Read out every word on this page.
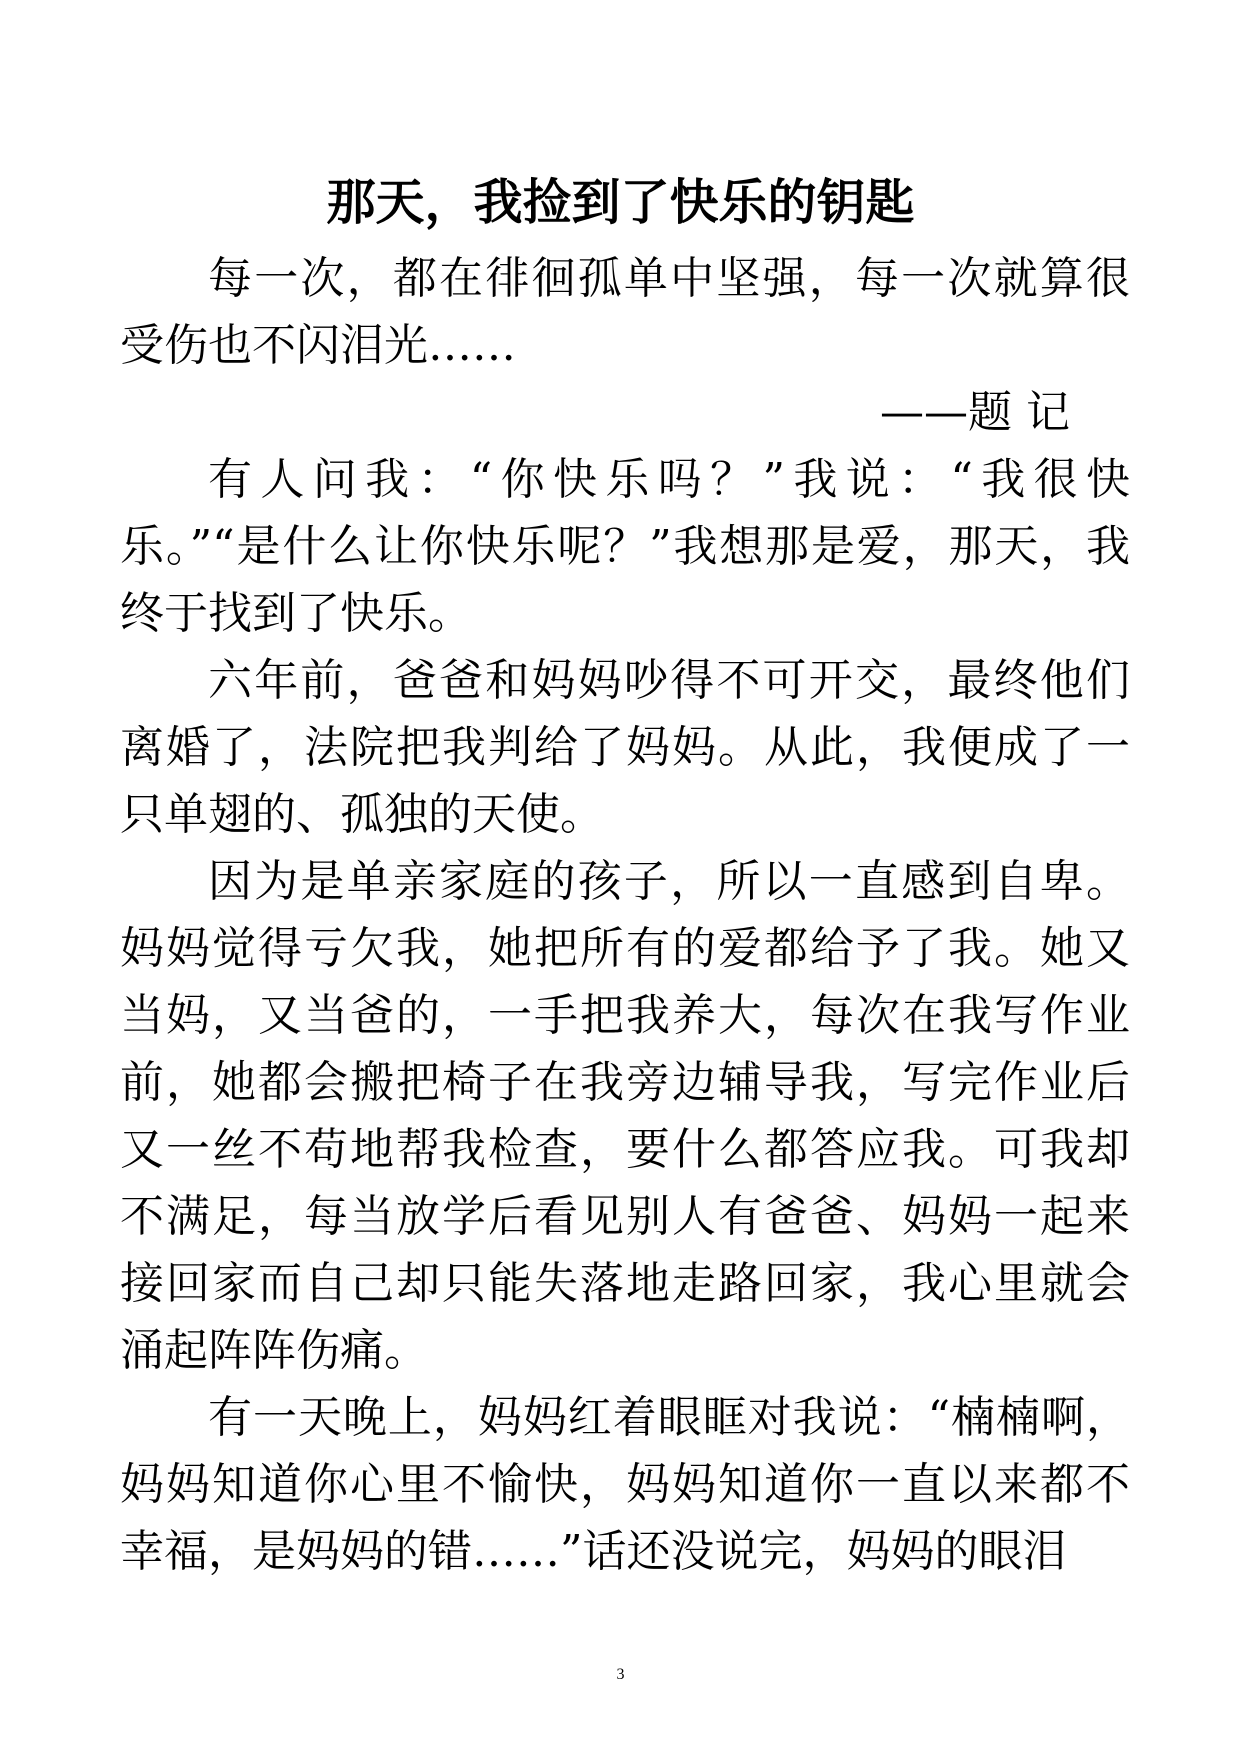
那天，我捡到了快乐的钥匙

每一次，都在徘徊孤单中坚强，每一次就算很受伤也不闪泪光……

——题 记

有人问我：“你快乐吗？”我说：“我很快乐。”“是什么让你快乐呢？”我想那是爱，那天，我终于找到了快乐。

六年前，爸爸和妈妈吵得不可开交，最终他们离婚了，法院把我判给了妈妈。从此，我便成了一只单翅的、孤独的天使。

因为是单亲家庭的孩子，所以一直感到自卑。妈妈觉得亏欠我，她把所有的爱都给予了我。她又当妈，又当爸的，一手把我养大，每次在我写作业前，她都会搬把椅子在我旁边辅导我，写完作业后又一丝不苟地帮我检查，要什么都答应我。可我却不满足，每当放学后看见别人有爸爸、妈妈一起来接回家而自己却只能失落地走路回家，我心里就会涌起阵阵伤痛。

有一天晚上，妈妈红着眼眶对我说：“楠楠啊，妈妈知道你心里不愉快，妈妈知道你一直以来都不幸福，是妈妈的错……”话还没说完，妈妈的眼泪

3
